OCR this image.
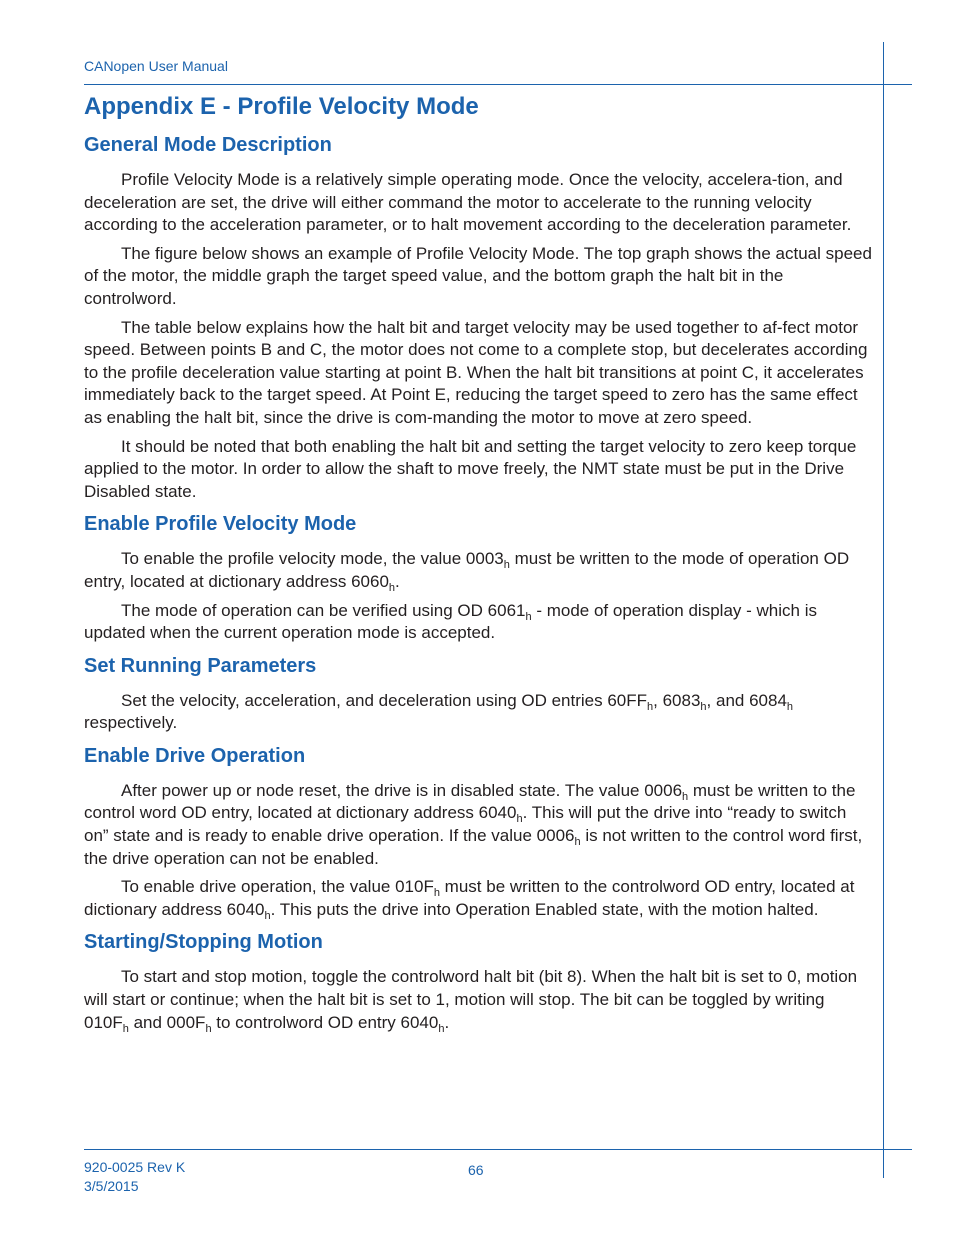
CANopen User Manual
Appendix E - Profile Velocity Mode
General Mode Description

Profile Velocity Mode is a relatively simple operating mode. Once the velocity, accelera-tion, and deceleration are set, the drive will either command the motor to accelerate to the running velocity according to the acceleration parameter, or to halt movement according to the deceleration parameter.

The figure below shows an example of Profile Velocity Mode. The top graph shows the actual speed of the motor, the middle graph the target speed value, and the bottom graph the halt bit in the controlword.

The table below explains how the halt bit and target velocity may be used together to af-fect motor speed. Between points B and C, the motor does not come to a complete stop, but decelerates according to the profile deceleration value starting at point B. When the halt bit transitions at point C, it accelerates immediately back to the target speed. At Point E, reducing the target speed to zero has the same effect as enabling the halt bit, since the drive is com-manding the motor to move at zero speed.

It should be noted that both enabling the halt bit and setting the target velocity to zero keep torque applied to the motor. In order to allow the shaft to move freely, the NMT state must be put in the Drive Disabled state.

Enable Profile Velocity Mode

To enable the profile velocity mode, the value $0003_h$ must be written to the mode of operation OD entry, located at dictionary address $6060_h$.

The mode of operation can be verified using OD $6061_h$ - mode of operation display - which is updated when the current operation mode is accepted.

Set Running Parameters

Set the velocity, acceleration, and deceleration using OD entries $60FF_h$, $6083_h$, and $6084_h$ respectively.

Enable Drive Operation

After power up or node reset, the drive is in disabled state. The value $0006_h$ must be written to the control word OD entry, located at dictionary address $6040_h$. This will put the drive into “ready to switch on” state and is ready to enable drive operation. If the value $0006_h$ is not written to the control word first, the drive operation can not be enabled.

To enable drive operation, the value $010F_h$ must be written to the controlword OD entry, located at dictionary address $6040_h$. This puts the drive into Operation Enabled state, with the motion halted.

Starting/Stopping Motion

To start and stop motion, toggle the controlword halt bit (bit 8). When the halt bit is set to 0, motion will start or continue; when the halt bit is set to 1, motion will stop. The bit can be toggled by writing $010F_h$ and $000F_h$ to controlword OD entry $6040_h$.

920-0025 Rev K
3/5/2015
66
